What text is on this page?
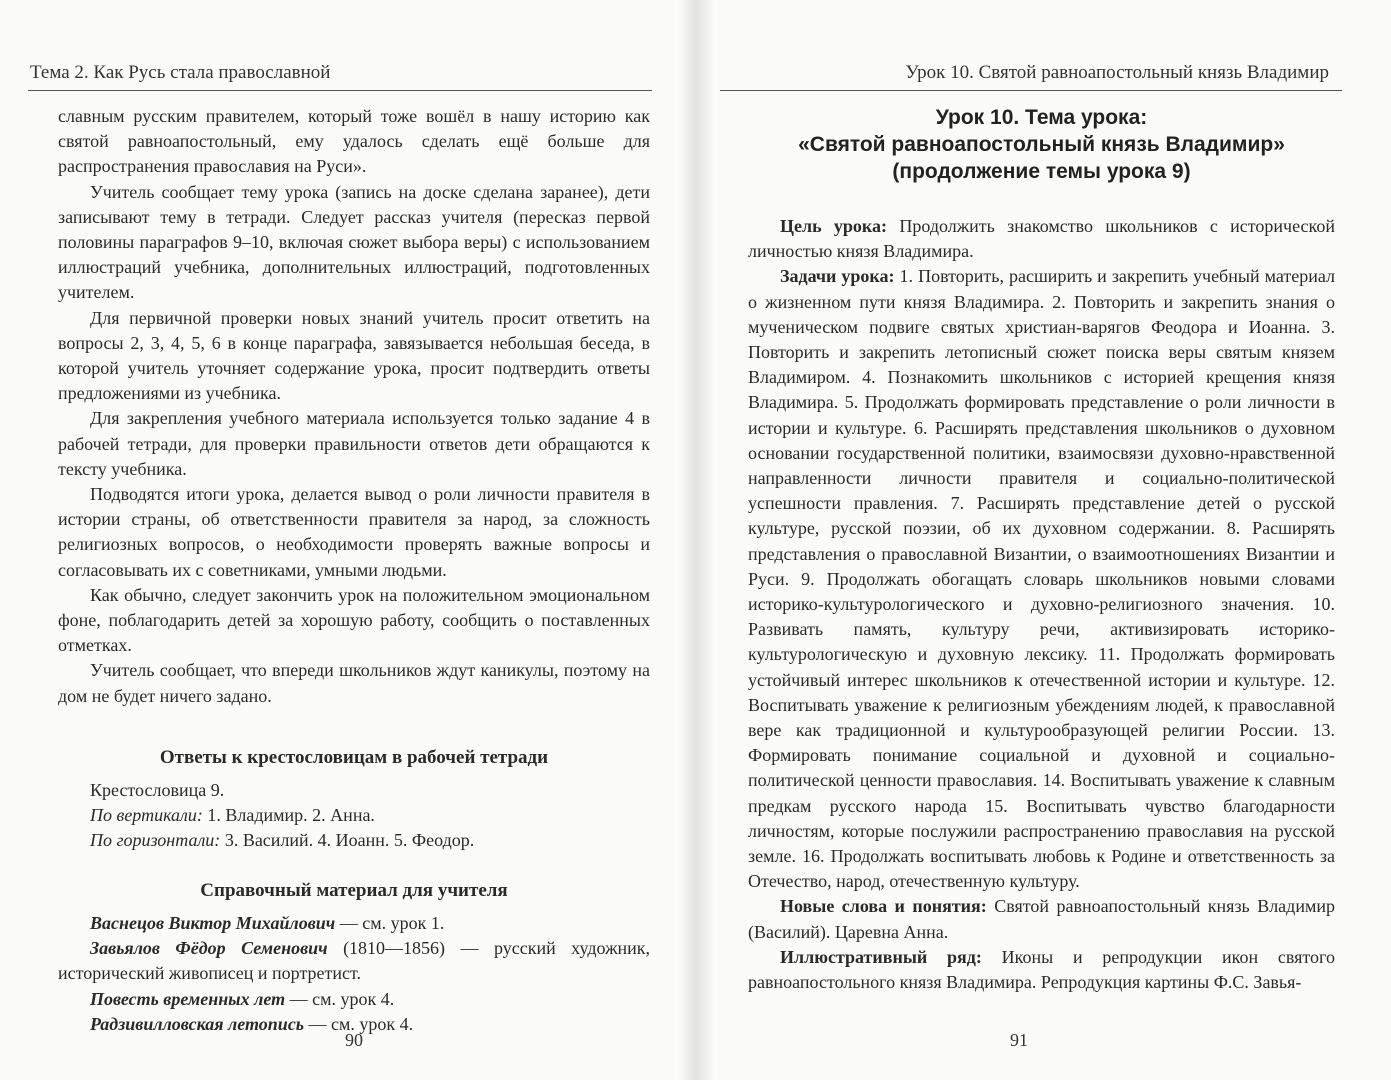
Тема 2. Как Русь стала православной

славным русским правителем, который тоже вошёл в нашу историю как святой равноапостольный, ему удалось сделать ещё больше для распространения православия на Руси».

Учитель сообщает тему урока (запись на доске сделана заранее), дети записывают тему в тетради. Следует рассказ учителя (пересказ первой половины параграфов 9–10, включая сюжет выбора веры) с использованием иллюстраций учебника, дополнительных иллюстраций, подготовленных учителем.

Для первичной проверки новых знаний учитель просит ответить на вопросы 2, 3, 4, 5, 6 в конце параграфа, завязывается небольшая беседа, в которой учитель уточняет содержание урока, просит подтвердить ответы предложениями из учебника.

Для закрепления учебного материала используется только задание 4 в рабочей тетради, для проверки правильности ответов дети обращаются к тексту учебника.

Подводятся итоги урока, делается вывод о роли личности правителя в истории страны, об ответственности правителя за народ, за сложность религиозных вопросов, о необходимости проверять важные вопросы и согласовывать их с советниками, умными людьми.

Как обычно, следует закончить урок на положительном эмоциональном фоне, поблагодарить детей за хорошую работу, сообщить о поставленных отметках.

Учитель сообщает, что впереди школьников ждут каникулы, поэтому на дом не будет ничего задано.

Ответы к крестословицам в рабочей тетради

Крестословица 9.

По вертикали: 1. Владимир. 2. Анна.

По горизонтали: 3. Василий. 4. Иоанн. 5. Феодор.

Справочный материал для учителя

Васнецов Виктор Михайлович — см. урок 1.

Завьялов Фёдор Семенович (1810—1856) — русский художник, исторический живописец и портретист.

Повесть временных лет — см. урок 4.

Радзивилловская летопись — см. урок 4.

90
Урок 10. Святой равноапостольный князь Владимир
Урок 10. Тема урока:
«Святой равноапостольный князь Владимир»
(продолжение темы урока 9)

Цель урока: Продолжить знакомство школьников с исторической личностью князя Владимира.

Задачи урока: 1. Повторить, расширить и закрепить учебный материал о жизненном пути князя Владимира. 2. Повторить и закрепить знания о мученическом подвиге святых христиан-варягов Феодора и Иоанна. 3. Повторить и закрепить летописный сюжет поиска веры святым князем Владимиром. 4. Познакомить школьников с историей крещения князя Владимира. 5. Продолжать формировать представление о роли личности в истории и культуре. 6. Расширять представления школьников о духовном основании государственной политики, взаимосвязи духовно-нравственной направленности личности правителя и социально-политической успешности правления. 7. Расширять представление детей о русской культуре, русской поэзии, об их духовном содержании. 8. Расширять представления о православной Византии, о взаимоотношениях Византии и Руси. 9. Продолжать обогащать словарь школьников новыми словами историко-культурологического и духовно-религиозного значения. 10. Развивать память, культуру речи, активизировать историко-культурологическую и духовную лексику. 11. Продолжать формировать устойчивый интерес школьников к отечественной истории и культуре. 12. Воспитывать уважение к религиозным убеждениям людей, к православной вере как традиционной и культурообразующей религии России. 13. Формировать понимание социальной и духовной и социально-политической ценности православия. 14. Воспитывать уважение к славным предкам русского народа 15. Воспитывать чувство благодарности личностям, которые послужили распространению православия на русской земле. 16. Продолжать воспитывать любовь к Родине и ответственность за Отечество, народ, отечественную культуру.

Новые слова и понятия: Святой равноапостольный князь Владимир (Василий). Царевна Анна.

Иллюстративный ряд: Иконы и репродукции икон святого равноапостольного князя Владимира. Репродукция картины Ф.С. Завья-

91
